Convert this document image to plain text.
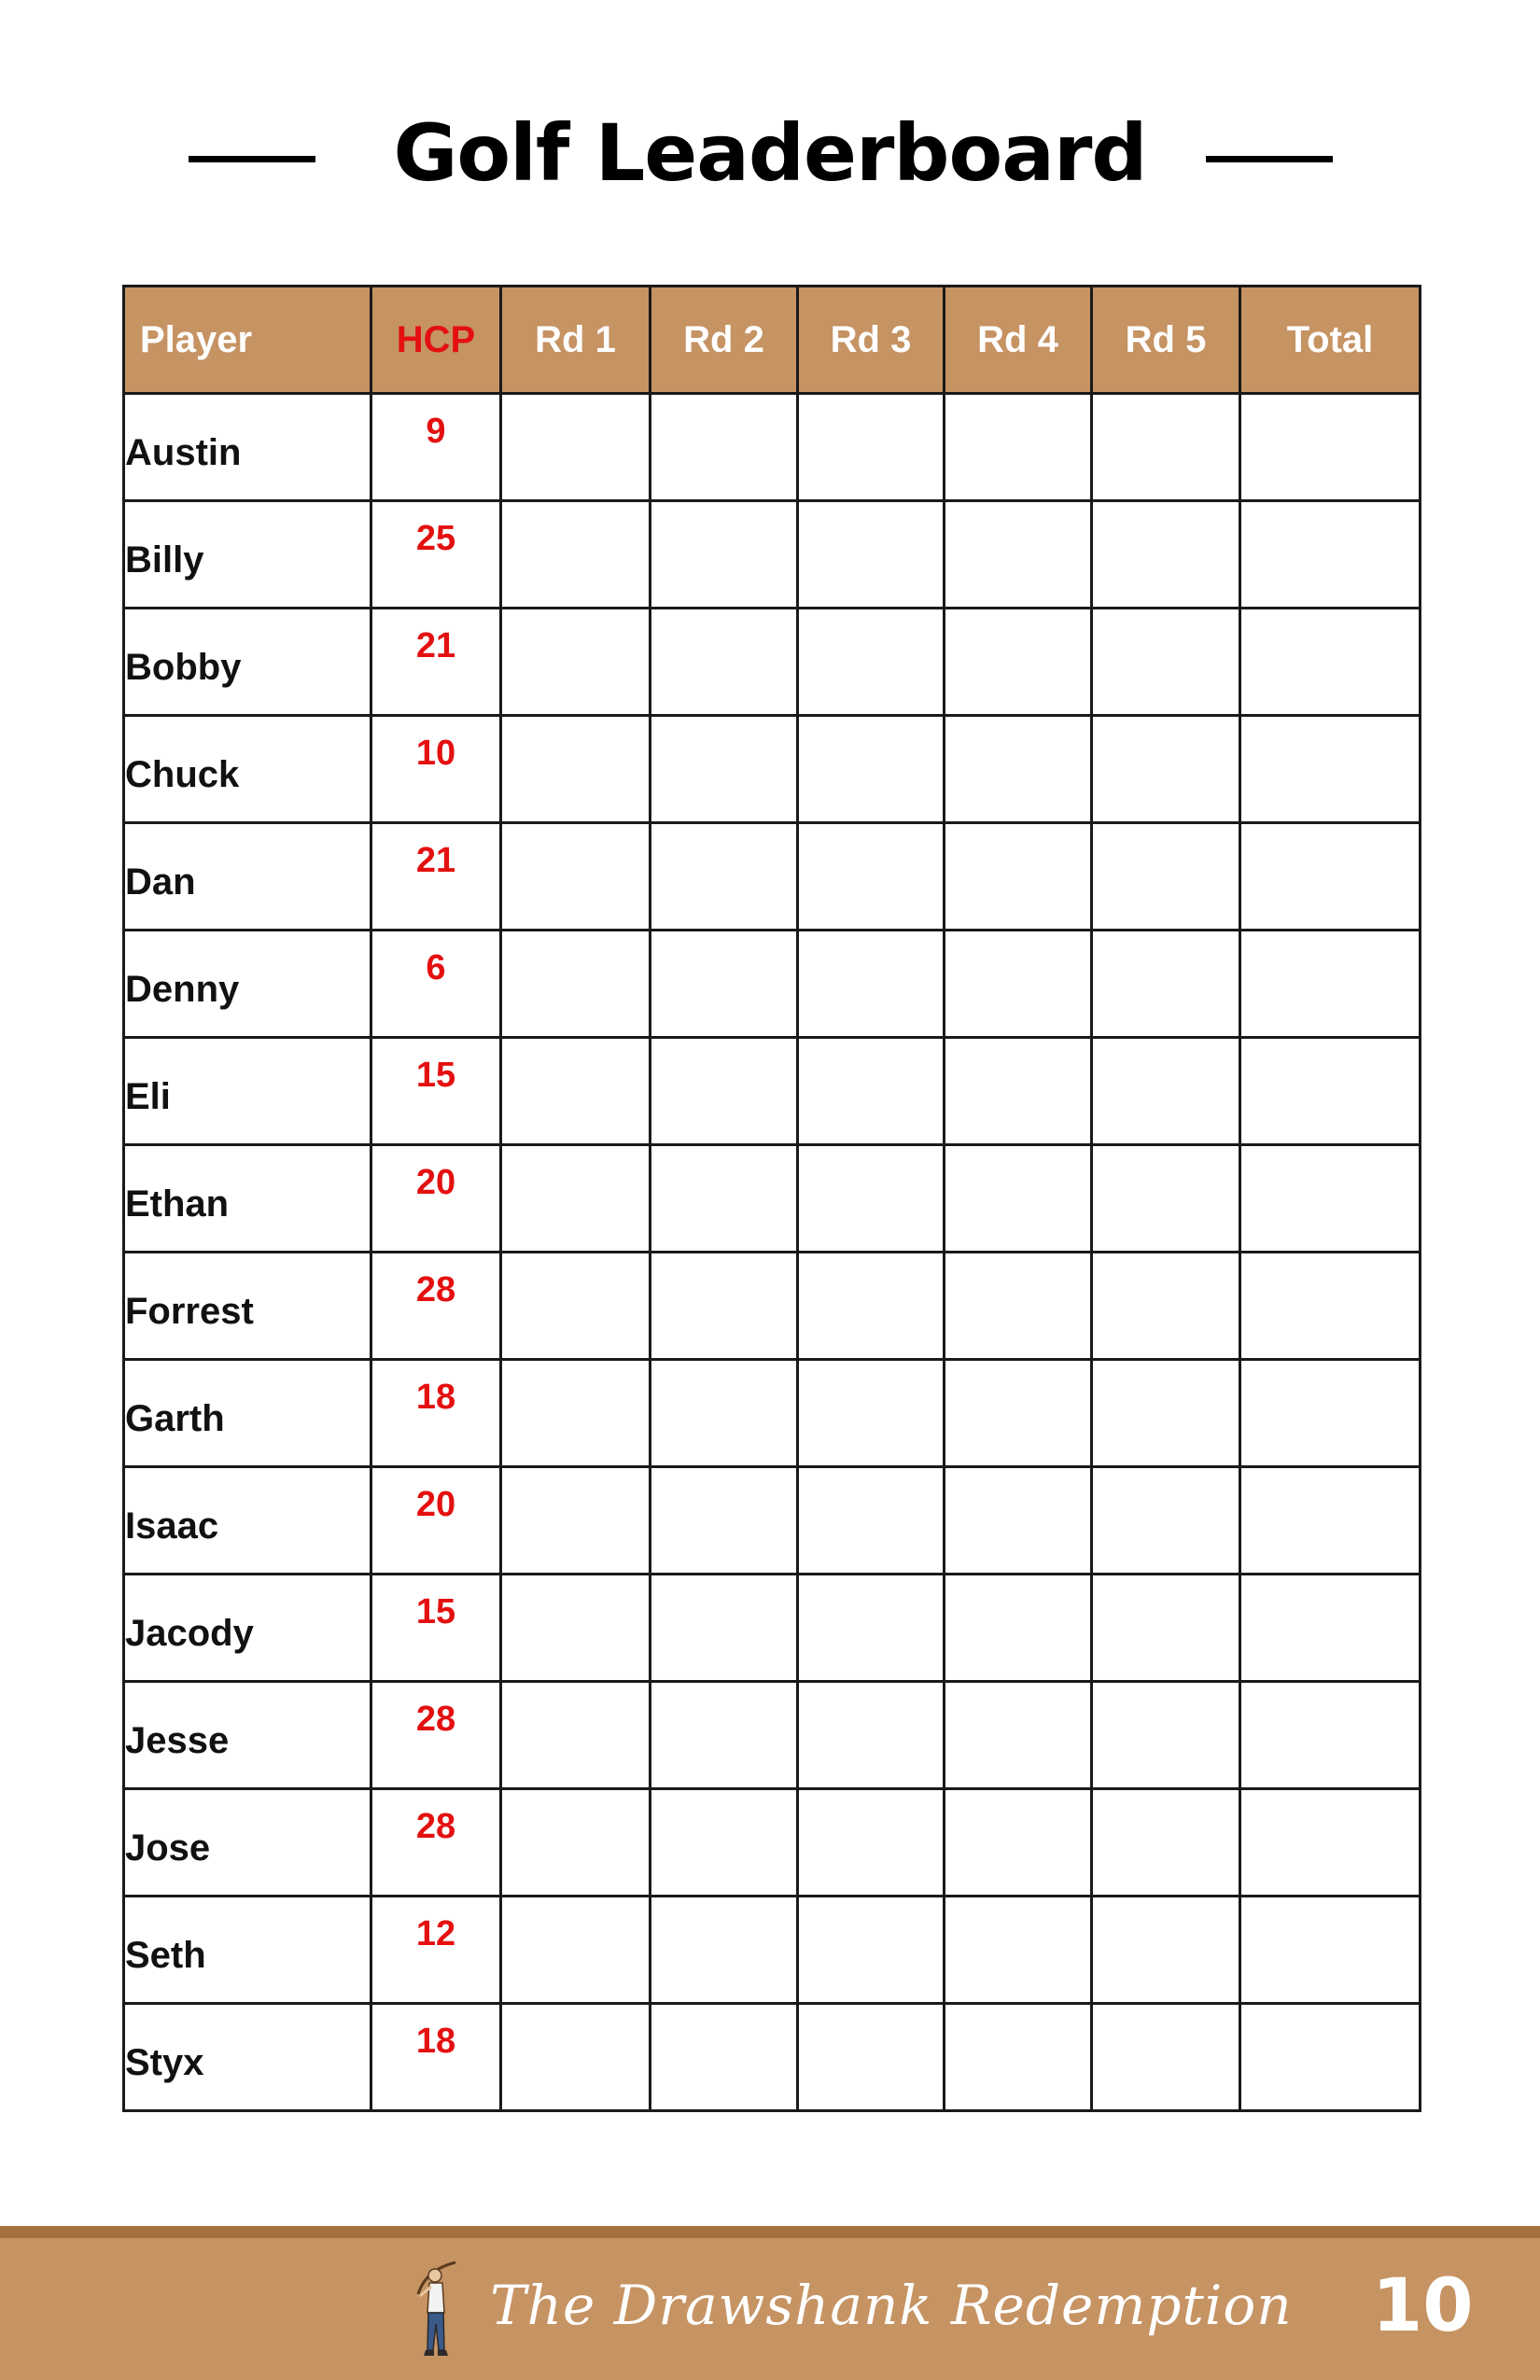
Golf Leaderboard
Player	HCP	Rd 1	Rd 2	Rd 3	Rd 4	Rd 5	Total
Austin	9						

Billy	25						

Bobby	21						

Chuck	10						

Dan	21						

Denny	6						

Eli	15						

Ethan	20						

Forrest	28						

Garth	18						

Isaac	20						

Jacody	15						

Jesse	28						

Jose	28						

Seth	12						

Styx	18						

The Drawshank Redemption 10
